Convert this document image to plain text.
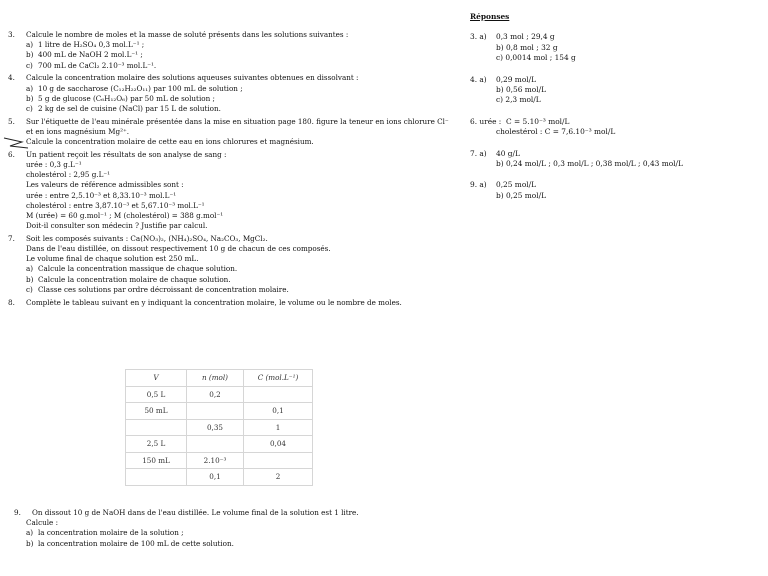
Réponses
3. a)	0,3 mol ; 29,4 g
b) 0,8 mol ; 32 g
c) 0,0014 mol ; 154 g
4. a)	0,29 mol/L
b) 0,56 mol/L
c) 2,3 mol/L
6. urée : C = 5.10⁻³ mol/L
cholestérol : C = 7,6.10⁻³ mol/L
7. a)	40 g/L
b) 0,24 mol/L ; 0,3 mol/L ; 0,38 mol/L ; 0,43 mol/L
9. a)	0,25 mol/L
b) 0,25 mol/L
3.	Calcule le nombre de moles et la masse de soluté présents dans les solutions suivantes :
a) 1 litre de H₂SO₄ 0,3 mol.L⁻¹ ;
b) 400 mL de NaOH 2 mol.L⁻¹ ;
c) 700 mL de CaCl₂ 2.10⁻³ mol.L⁻¹.
4.	Calcule la concentration molaire des solutions aqueuses suivantes obtenues en dissolvant :
a) 10 g de saccharose (C₁₂H₂₂O₁₁) par 100 mL de solution ;
b) 5 g de glucose (C₆H₁₂O₆) par 50 mL de solution ;
c) 2 kg de sel de cuisine (NaCl) par 15 L de solution.
5.	Sur l'étiquette de l'eau minérale présentée dans la mise en situation page 180. figure la teneur en ions chlorure Cl⁻ et en ions magnésium Mg²⁺.
Calcule la concentration molaire de cette eau en ions chlorures et magnésium.
6.	Un patient reçoit les résultats de son analyse de sang :
urée : 0,3 g.L⁻¹
cholestérol : 2,95 g.L⁻¹
Les valeurs de référence admissibles sont :
urée : entre 2,5.10⁻³ et 8,33.10⁻³ mol.L⁻¹
cholestérol : entre 3,87.10⁻³ et 5,67.10⁻³ mol.L⁻¹
M (urée) = 60 g.mol⁻¹ ; M (cholestérol) = 388 g.mol⁻¹
Doit-il consulter son médecin ? Justifie par calcul.
7.	Soit les composés suivants : Ca(NO₃)₂, (NH₄)₂SO₄, Na₂CO₃, MgCl₂.
Dans de l'eau distillée, on dissout respectivement 10 g de chacun de ces composés.
Le volume final de chaque solution est 250 mL.
a) Calcule la concentration massique de chaque solution.
b) Calcule la concentration molaire de chaque solution.
c) Classe ces solutions par ordre décroissant de concentration molaire.
8.	Complète le tableau suivant en y indiquant la concentration molaire, le volume ou le nombre de moles.
V	n (mol)	C (mol.L⁻¹)
0,5 L	0,2	
50 mL		0,1
	0,35	1
2,5 L		0,04
150 mL	2.10⁻³	
	0,1	2
9.	On dissout 10 g de NaOH dans de l'eau distillée. Le volume final de la solution est 1 litre.
Calcule :
a) la concentration molaire de la solution ;
b) la concentration molaire de 100 mL de cette solution.
